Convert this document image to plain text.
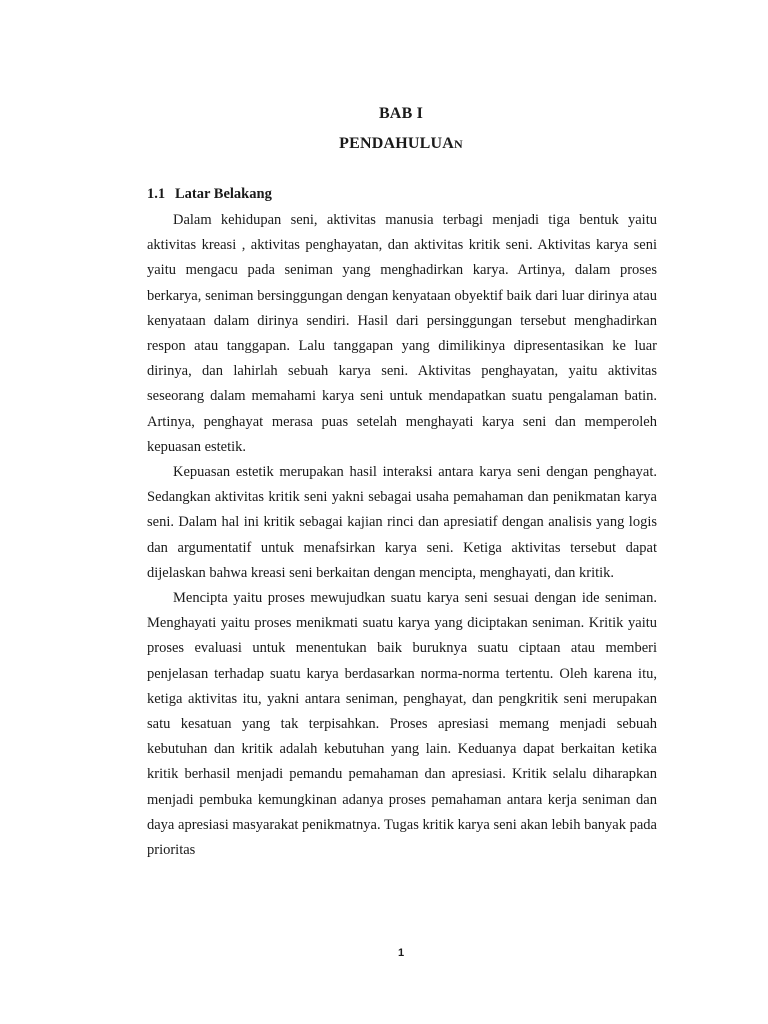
BAB I
PENDAHULUAN
1.1 Latar Belakang

Dalam kehidupan seni, aktivitas manusia terbagi menjadi tiga bentuk yaitu aktivitas kreasi , aktivitas penghayatan, dan aktivitas kritik seni. Aktivitas karya seni yaitu mengacu pada seniman yang menghadirkan karya. Artinya, dalam proses berkarya, seniman bersinggungan dengan kenyataan obyektif baik dari luar dirinya atau kenyataan dalam dirinya sendiri. Hasil dari persinggungan tersebut menghadirkan respon atau tanggapan. Lalu tanggapan yang dimilikinya dipresentasikan ke luar dirinya, dan lahirlah sebuah karya seni. Aktivitas penghayatan, yaitu aktivitas seseorang dalam memahami karya seni untuk mendapatkan suatu pengalaman batin. Artinya, penghayat merasa puas setelah menghayati karya seni dan memperoleh kepuasan estetik.

Kepuasan estetik merupakan hasil interaksi antara karya seni dengan penghayat. Sedangkan aktivitas kritik seni yakni sebagai usaha pemahaman dan penikmatan karya seni. Dalam hal ini kritik sebagai kajian rinci dan apresiatif dengan analisis yang logis dan argumentatif untuk menafsirkan karya seni. Ketiga aktivitas tersebut dapat dijelaskan bahwa kreasi seni berkaitan dengan mencipta, menghayati, dan kritik.

Mencipta yaitu proses mewujudkan suatu karya seni sesuai dengan ide seniman. Menghayati yaitu proses menikmati suatu karya yang diciptakan seniman. Kritik yaitu proses evaluasi untuk menentukan baik buruknya suatu ciptaan atau memberi penjelasan terhadap suatu karya berdasarkan norma-norma tertentu. Oleh karena itu, ketiga aktivitas itu, yakni antara seniman, penghayat, dan pengkritik seni merupakan satu kesatuan yang tak terpisahkan. Proses apresiasi memang menjadi sebuah kebutuhan dan kritik adalah kebutuhan yang lain. Keduanya dapat berkaitan ketika kritik berhasil menjadi pemandu pemahaman dan apresiasi. Kritik selalu diharapkan menjadi pembuka kemungkinan adanya proses pemahaman antara kerja seniman dan daya apresiasi masyarakat penikmatnya. Tugas kritik karya seni akan lebih banyak pada prioritas

1
